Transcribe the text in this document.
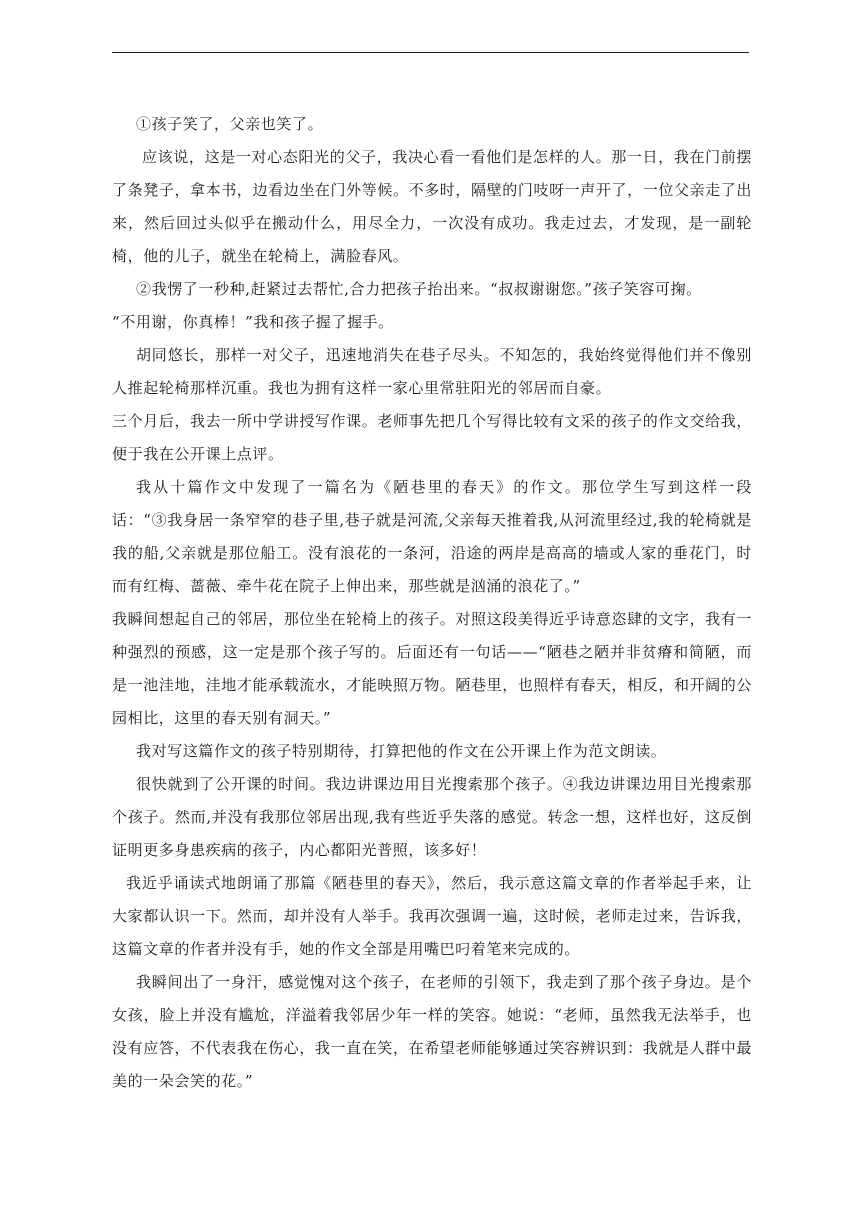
①孩子笑了，父亲也笑了。

应该说，这是一对心态阳光的父子，我决心看一看他们是怎样的人。那一日，我在门前摆了条凳子，拿本书，边看边坐在门外等候。不多时，隔壁的门吱呀一声开了，一位父亲走了出来，然后回过头似乎在搬动什么，用尽全力，一次没有成功。我走过去，才发现，是一副轮椅，他的儿子，就坐在轮椅上，满脸春风。

②我愣了一秒种,赶紧过去帮忙,合力把孩子抬出来。“叔叔谢谢您。”孩子笑容可掬。

“不用谢，你真棒！”我和孩子握了握手。

胡同悠长，那样一对父子，迅速地消失在巷子尽头。不知怎的，我始终觉得他们并不像别人推起轮椅那样沉重。我也为拥有这样一家心里常驻阳光的邻居而自豪。

三个月后，我去一所中学讲授写作课。老师事先把几个写得比较有文采的孩子的作文交给我，便于我在公开课上点评。

我从十篇作文中发现了一篇名为《陋巷里的春天》的作文。那位学生写到这样一段话：“③我身居一条窄窄的巷子里,巷子就是河流,父亲每天推着我,从河流里经过,我的轮椅就是我的船,父亲就是那位船工。没有浪花的一条河，沿途的两岸是高高的墙或人家的垂花门，时而有红梅、蔷薇、牵牛花在院子上伸出来，那些就是汹涌的浪花了。”

我瞬间想起自己的邻居，那位坐在轮椅上的孩子。对照这段美得近乎诗意恣肆的文字，我有一种强烈的预感，这一定是那个孩子写的。后面还有一句话——“陋巷之陋并非贫瘠和简陋，而是一池洼地，洼地才能承载流水，才能映照万物。陋巷里，也照样有春天，相反，和开阔的公园相比，这里的春天别有洞天。”

我对写这篇作文的孩子特别期待，打算把他的作文在公开课上作为范文朗读。

很快就到了公开课的时间。我边讲课边用目光搜索那个孩子。④我边讲课边用目光搜索那个孩子。然而,并没有我那位邻居出现,我有些近乎失落的感觉。转念一想，这样也好，这反倒证明更多身患疾病的孩子，内心都阳光普照，该多好！

我近乎诵读式地朗诵了那篇《陋巷里的春天》，然后，我示意这篇文章的作者举起手来，让大家都认识一下。然而，却并没有人举手。我再次强调一遍，这时候，老师走过来，告诉我，这篇文章的作者并没有手，她的作文全部是用嘴巴叼着笔来完成的。

我瞬间出了一身汗，感觉愧对这个孩子，在老师的引领下，我走到了那个孩子身边。是个女孩，脸上并没有尴尬，洋溢着我邻居少年一样的笑容。她说：“老师，虽然我无法举手，也没有应答，不代表我在伤心，我一直在笑，在希望老师能够通过笑容辨识到：我就是人群中最美的一朵会笑的花。”
